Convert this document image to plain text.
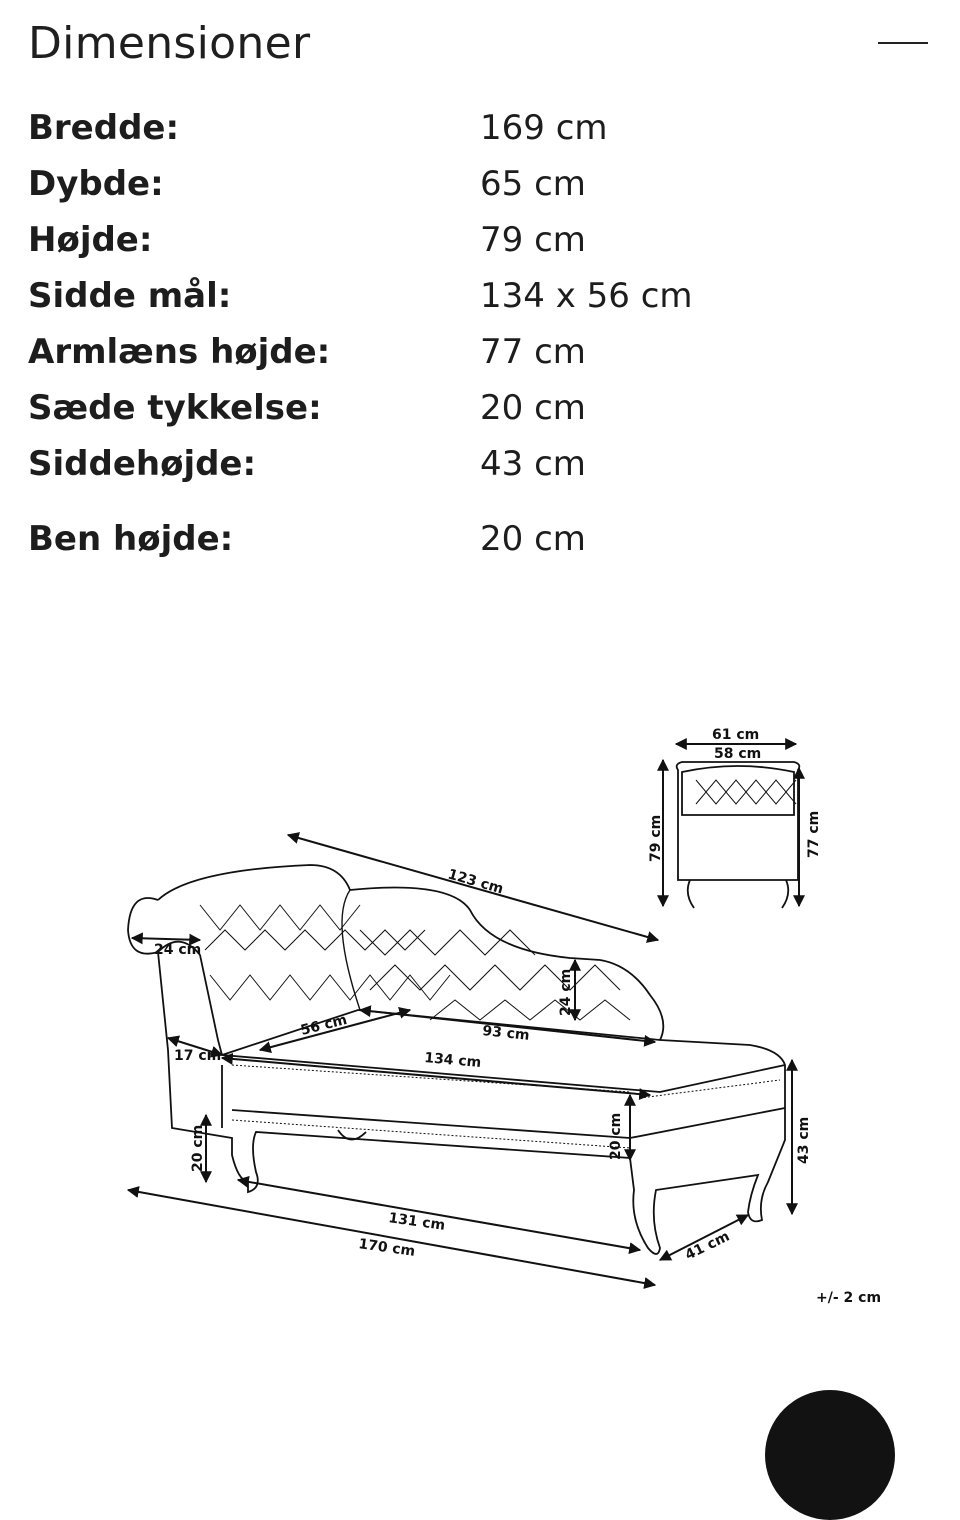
Dimensioner
Bredde:	169 cm
Dybde:	65 cm
Højde:	79 cm
Sidde mål:	134 x 56 cm
Armlæns højde:	77 cm
Sæde tykkelse:	20 cm
Siddehøjde:	43 cm
Ben højde:	20 cm
61 cm
58 cm
79 cm	77 cm
123 cm
24 cm
24 cm
56 cm	93 cm
17 cm	134 cm
20 cm	20 cm	43 cm
131 cm
170 cm	41 cm
+/- 2 cm
